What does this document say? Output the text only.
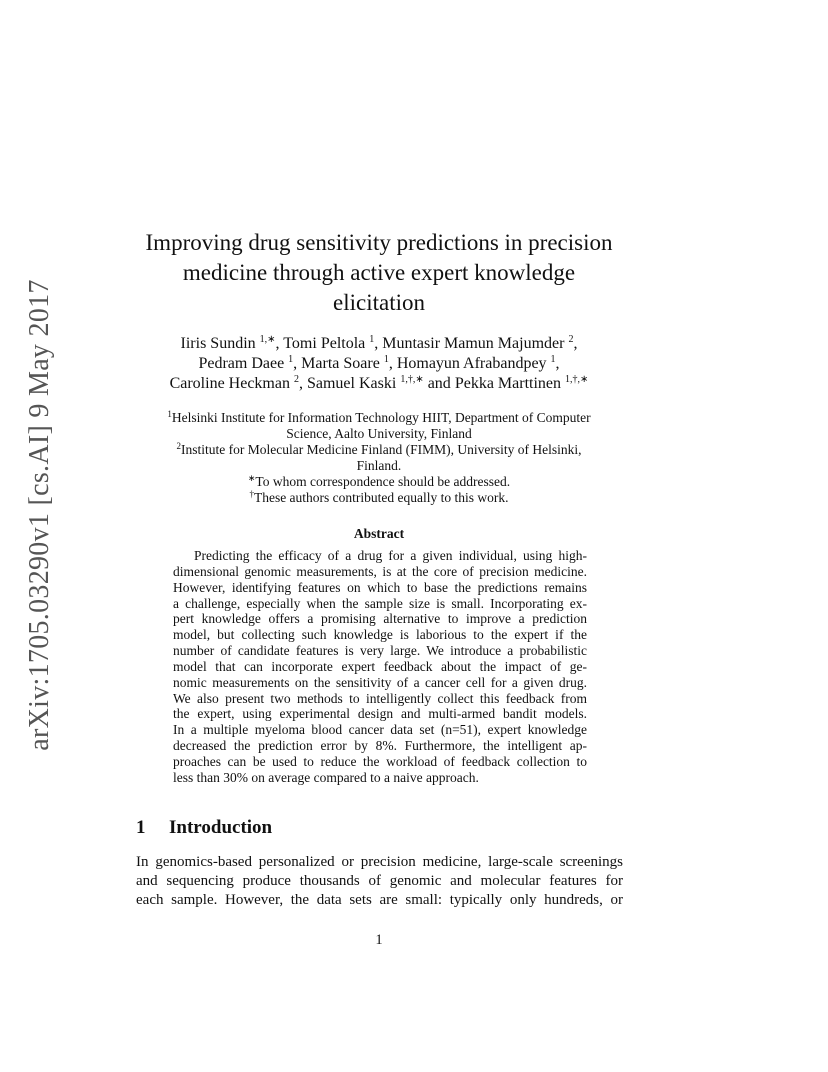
arXiv:1705.03290v1 [cs.AI] 9 May 2017
Improving drug sensitivity predictions in precision
medicine through active expert knowledge
elicitation
Iiris Sundin $^{1,∗}$, Tomi Peltola $^1$, Muntasir Mamun Majumder $^2$,
Pedram Daee $^1$, Marta Soare $^1$, Homayun Afrabandpey $^1$,
Caroline Heckman $^2$, Samuel Kaski $^{1,\dagger,∗}$ and Pekka Marttinen $^{1,\dagger,∗}$
$^1$Helsinki Institute for Information Technology HIIT, Department of Computer
Science, Aalto University, Finland
$^2$Institute for Molecular Medicine Finland (FIMM), University of Helsinki,
Finland.
∗To whom correspondence should be addressed.
†These authors contributed equally to this work.
Abstract
Predicting the efficacy of a drug for a given individual, using high-
dimensional genomic measurements, is at the core of precision medicine.
However, identifying features on which to base the predictions remains
a challenge, especially when the sample size is small. Incorporating ex-
pert knowledge offers a promising alternative to improve a prediction
model, but collecting such knowledge is laborious to the expert if the
number of candidate features is very large. We introduce a probabilistic
model that can incorporate expert feedback about the impact of ge-
nomic measurements on the sensitivity of a cancer cell for a given drug.
We also present two methods to intelligently collect this feedback from
the expert, using experimental design and multi-armed bandit models.
In a multiple myeloma blood cancer data set (n=51), expert knowledge
decreased the prediction error by 8%. Furthermore, the intelligent ap-
proaches can be used to reduce the workload of feedback collection to
less than 30% on average compared to a naive approach.
1 Introduction
In genomics-based personalized or precision medicine, large-scale screenings
and sequencing produce thousands of genomic and molecular features for
each sample. However, the data sets are small: typically only hundreds, or
1
